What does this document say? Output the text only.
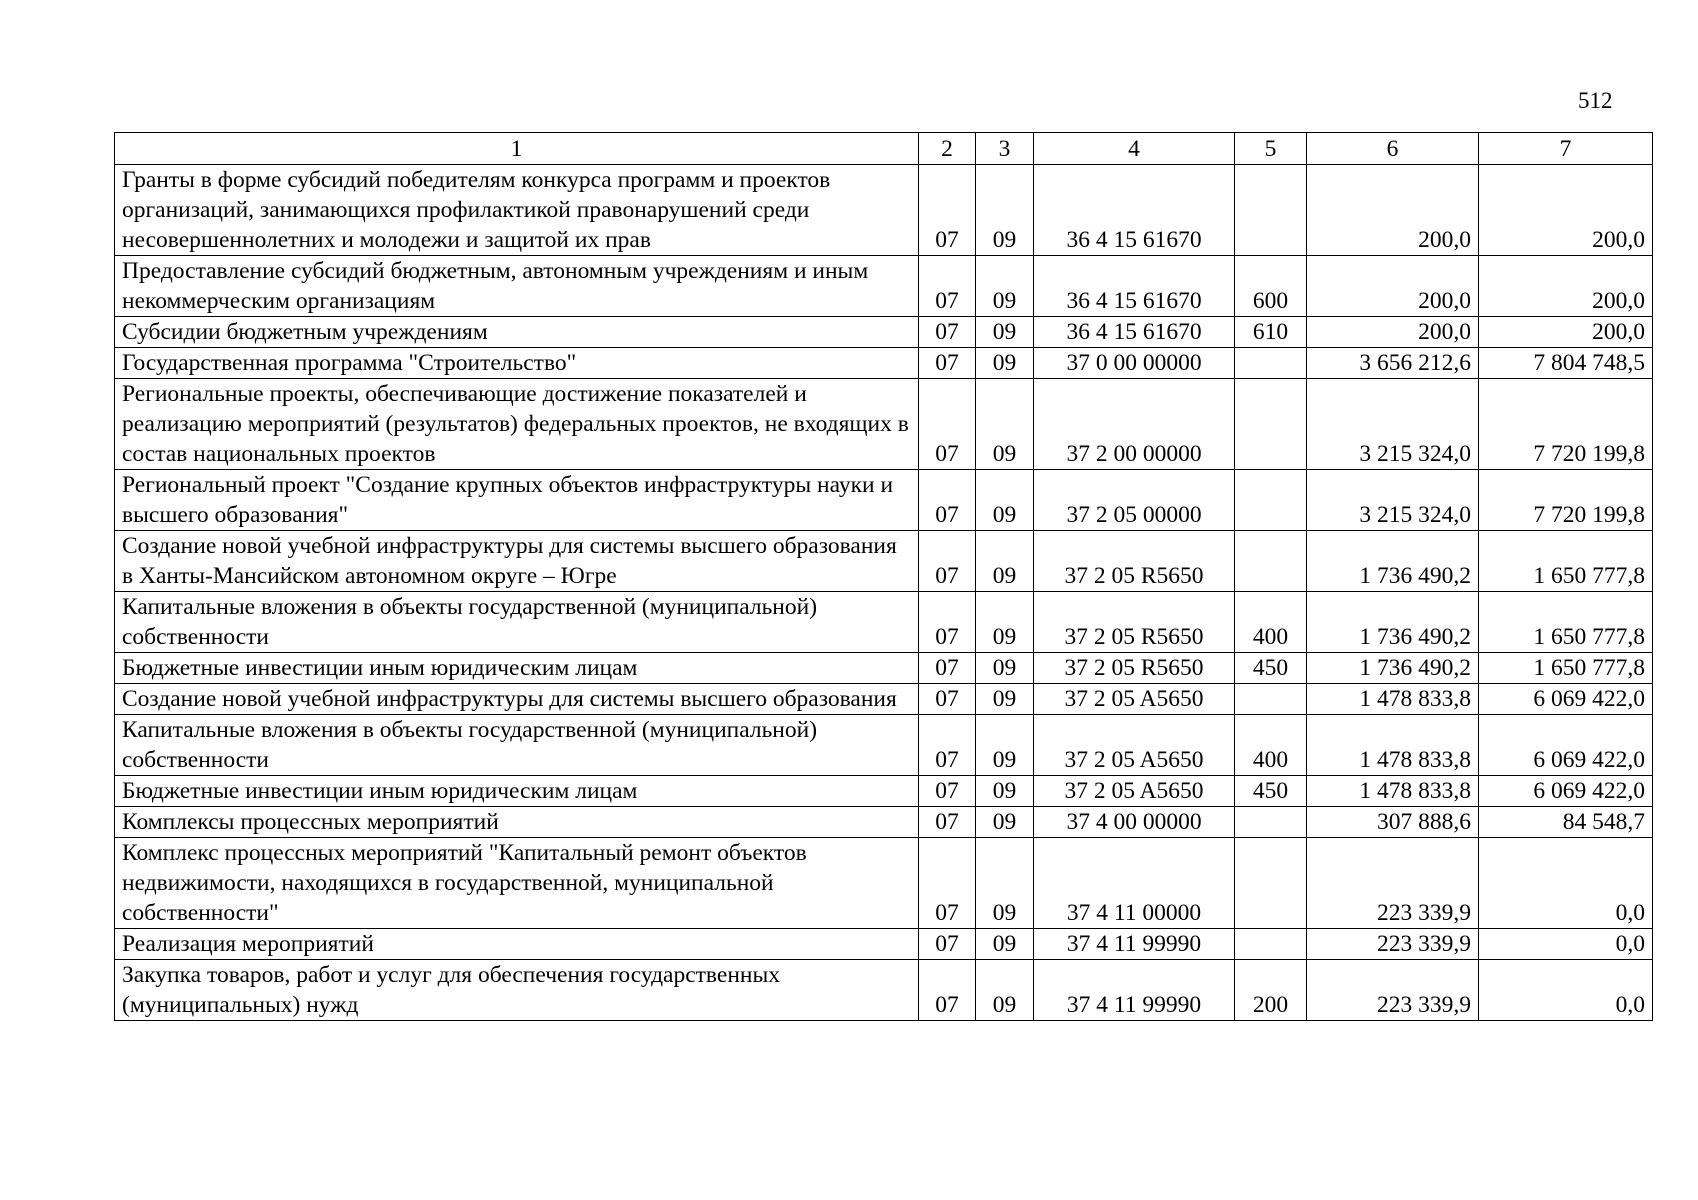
512
1	2	3	4	5	6	7
Гранты в форме субсидий победителям конкурса программ и проектов организаций, занимающихся профилактикой правонарушений среди несовершеннолетних и молодежи и защитой их прав	07	09	36 4 15 61670		200,0	200,0
Предоставление субсидий бюджетным, автономным учреждениям и иным некоммерческим организациям	07	09	36 4 15 61670	600	200,0	200,0
Субсидии бюджетным учреждениям	07	09	36 4 15 61670	610	200,0	200,0
Государственная программа "Строительство"	07	09	37 0 00 00000		3 656 212,6	7 804 748,5
Региональные проекты, обеспечивающие достижение показателей и реализацию мероприятий (результатов) федеральных проектов, не входящих в состав национальных проектов	07	09	37 2 00 00000		3 215 324,0	7 720 199,8
Региональный проект "Создание крупных объектов инфраструктуры науки и высшего образования"	07	09	37 2 05 00000		3 215 324,0	7 720 199,8
Создание новой учебной инфраструктуры для системы высшего образования в Ханты-Мансийском автономном округе – Югре	07	09	37 2 05 R5650		1 736 490,2	1 650 777,8
Капитальные вложения в объекты государственной (муниципальной) собственности	07	09	37 2 05 R5650	400	1 736 490,2	1 650 777,8
Бюджетные инвестиции иным юридическим лицам	07	09	37 2 05 R5650	450	1 736 490,2	1 650 777,8
Создание новой учебной инфраструктуры для системы высшего образования	07	09	37 2 05 A5650		1 478 833,8	6 069 422,0
Капитальные вложения в объекты государственной (муниципальной) собственности	07	09	37 2 05 A5650	400	1 478 833,8	6 069 422,0
Бюджетные инвестиции иным юридическим лицам	07	09	37 2 05 A5650	450	1 478 833,8	6 069 422,0
Комплексы процессных мероприятий	07	09	37 4 00 00000		307 888,6	84 548,7
Комплекс процессных мероприятий "Капитальный ремонт объектов недвижимости, находящихся в государственной, муниципальной собственности"	07	09	37 4 11 00000		223 339,9	0,0
Реализация мероприятий	07	09	37 4 11 99990		223 339,9	0,0
Закупка товаров, работ и услуг для обеспечения государственных (муниципальных) нужд	07	09	37 4 11 99990	200	223 339,9	0,0
